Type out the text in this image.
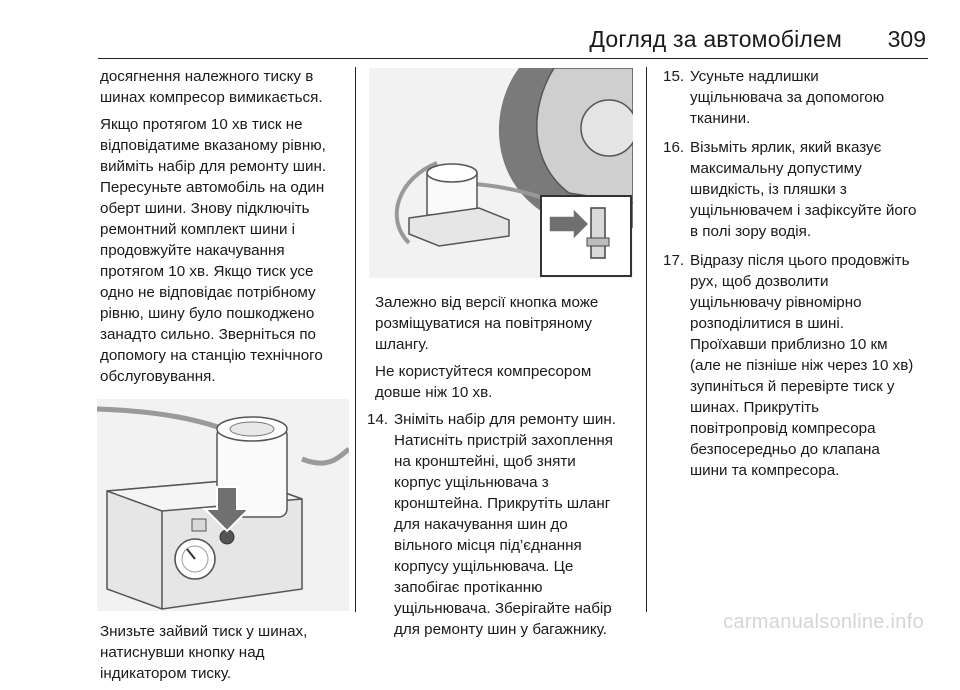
Догляд за автомобілем 309

досягнення належного тиску в
шинах компресор вимикається.

Якщо протягом 10 хв тиск не
відповідатиме вказаному рівню,
вийміть набір для ремонту шин.
Пересуньте автомобіль на один
оберт шини. Знову підключіть
ремонтний комплект шини і
продовжуйте накачування
протягом 10 хв. Якщо тиск усе
одно не відповідає потрібному
рівню, шину було пошкоджено
занадто сильно. Зверніться по
допомогу на станцію технічного
обслуговування.

Знизьте зайвий тиск у шинах,
натиснувши кнопку над
індикатором тиску.

Залежно від версії кнопка може
розміщуватися на повітряному
шлангу.

Не користуйтеся компресором
довше ніж 10 хв.

14. Зніміть набір для ремонту шин.
Натисніть пристрій захоплення
на кронштейні, щоб зняти
корпус ущільнювача з
кронштейна. Прикрутіть шланг
для накачування шин до
вільного місця під’єднання
корпусу ущільнювача. Це
запобігає протіканню
ущільнювача. Зберігайте набір
для ремонту шин у багажнику.
15. Усуньте надлишки
ущільнювача за допомогою
тканини.
16. Візьміть ярлик, який вказує
максимальну допустиму
швидкість, із пляшки з
ущільнювачем і зафіксуйте його
в полі зору водія.
17. Відразу після цього продовжіть
рух, щоб дозволити
ущільнювачу рівномірно
розподілитися в шині.
Проїхавши приблизно 10 км
(але не пізніше ніж через 10 хв)
зупиніться й перевірте тиск у
шинах. Прикрутіть
повітропровід компресора
безпосередньо до клапана
шини та компресора.
carmanualsonline.info
